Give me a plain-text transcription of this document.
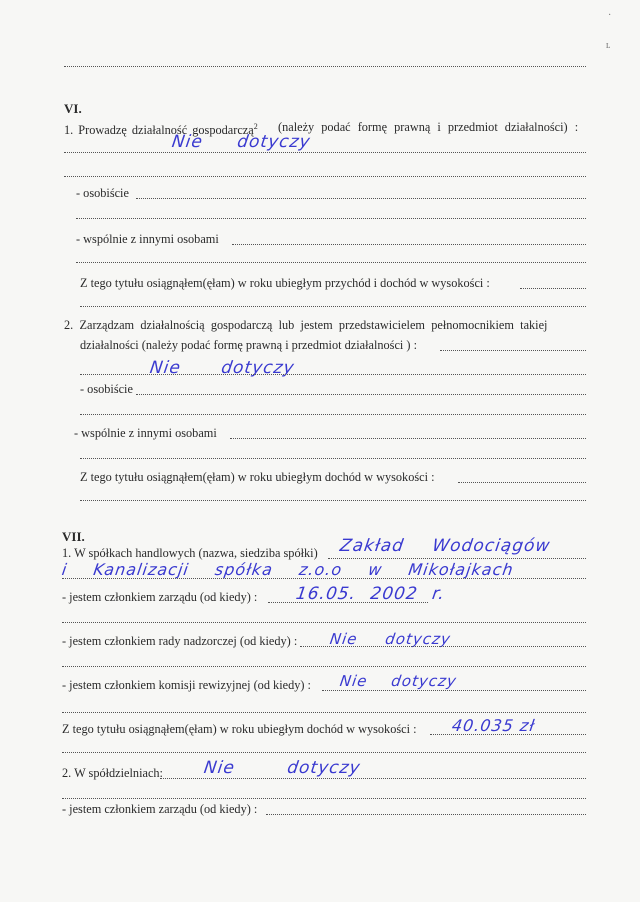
·
ʟ
VI.
1. Prowadzę działalność gospodarczą$^2$ (należy podać formę prawną i przedmiot działalności) :
Nie dotyczy
- osobiście
- wspólnie z innymi osobami
Z tego tytułu osiągnąłem(ęłam) w roku ubiegłym przychód i dochód w wysokości :
2. Zarządzam działalnością gospodarczą lub jestem przedstawicielem pełnomocnikiem takiej
działalności (należy podać formę prawną i przedmiot działalności ) :
Nie dotyczy
- osobiście
- wspólnie z innymi osobami
Z tego tytułu osiągnąłem(ęłam) w roku ubiegłym dochód w wysokości :
VII.
1. W spółkach handlowych (nazwa, siedziba spółki) Zakład Wodociągów
i Kanalizacji spółka z.o.o w Mikołajkach
- jestem członkiem zarządu (od kiedy) : 16.05. 2002 r.
- jestem członkiem rady nadzorczej (od kiedy) : Nie dotyczy
- jestem członkiem komisji rewizyjnej (od kiedy) : Nie dotyczy
Z tego tytułu osiągnąłem(ęłam) w roku ubiegłym dochód w wysokości : 40.035 zł
2. W spółdzielniach: Nie dotyczy
- jestem członkiem zarządu (od kiedy) :
